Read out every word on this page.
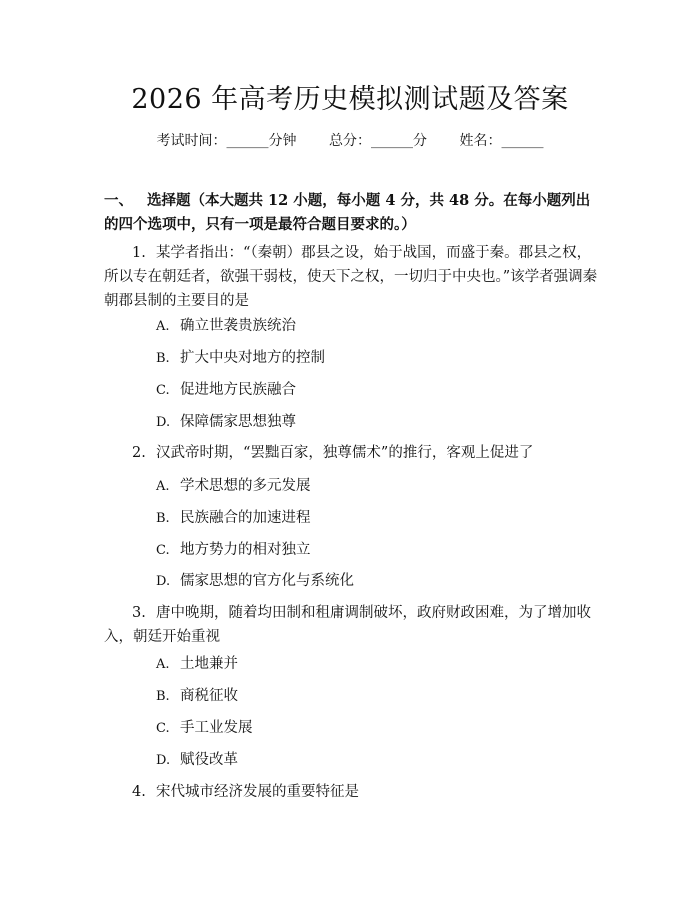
2026 年高考历史模拟测试题及答案
考试时间：______分钟 总分：______分 姓名：______
一、 选择题（本大题共 12 小题，每小题 4 分，共 48 分。在每小题列出的四个选项中，只有一项是最符合题目要求的。）
1. 某学者指出：“（秦朝）郡县之设，始于战国，而盛于秦。郡县之权，所以专在朝廷者，欲强干弱枝，使天下之权，一切归于中央也。”该学者强调秦朝郡县制的主要目的是
A. 确立世袭贵族统治
B. 扩大中央对地方的控制
C. 促进地方民族融合
D. 保障儒家思想独尊
2. 汉武帝时期，“罢黜百家，独尊儒术”的推行，客观上促进了
A. 学术思想的多元发展
B. 民族融合的加速进程
C. 地方势力的相对独立
D. 儒家思想的官方化与系统化
3. 唐中晚期，随着均田制和租庸调制破坏，政府财政困难，为了增加收入，朝廷开始重视
A. 土地兼并
B. 商税征收
C. 手工业发展
D. 赋役改革
4. 宋代城市经济发展的重要特征是
